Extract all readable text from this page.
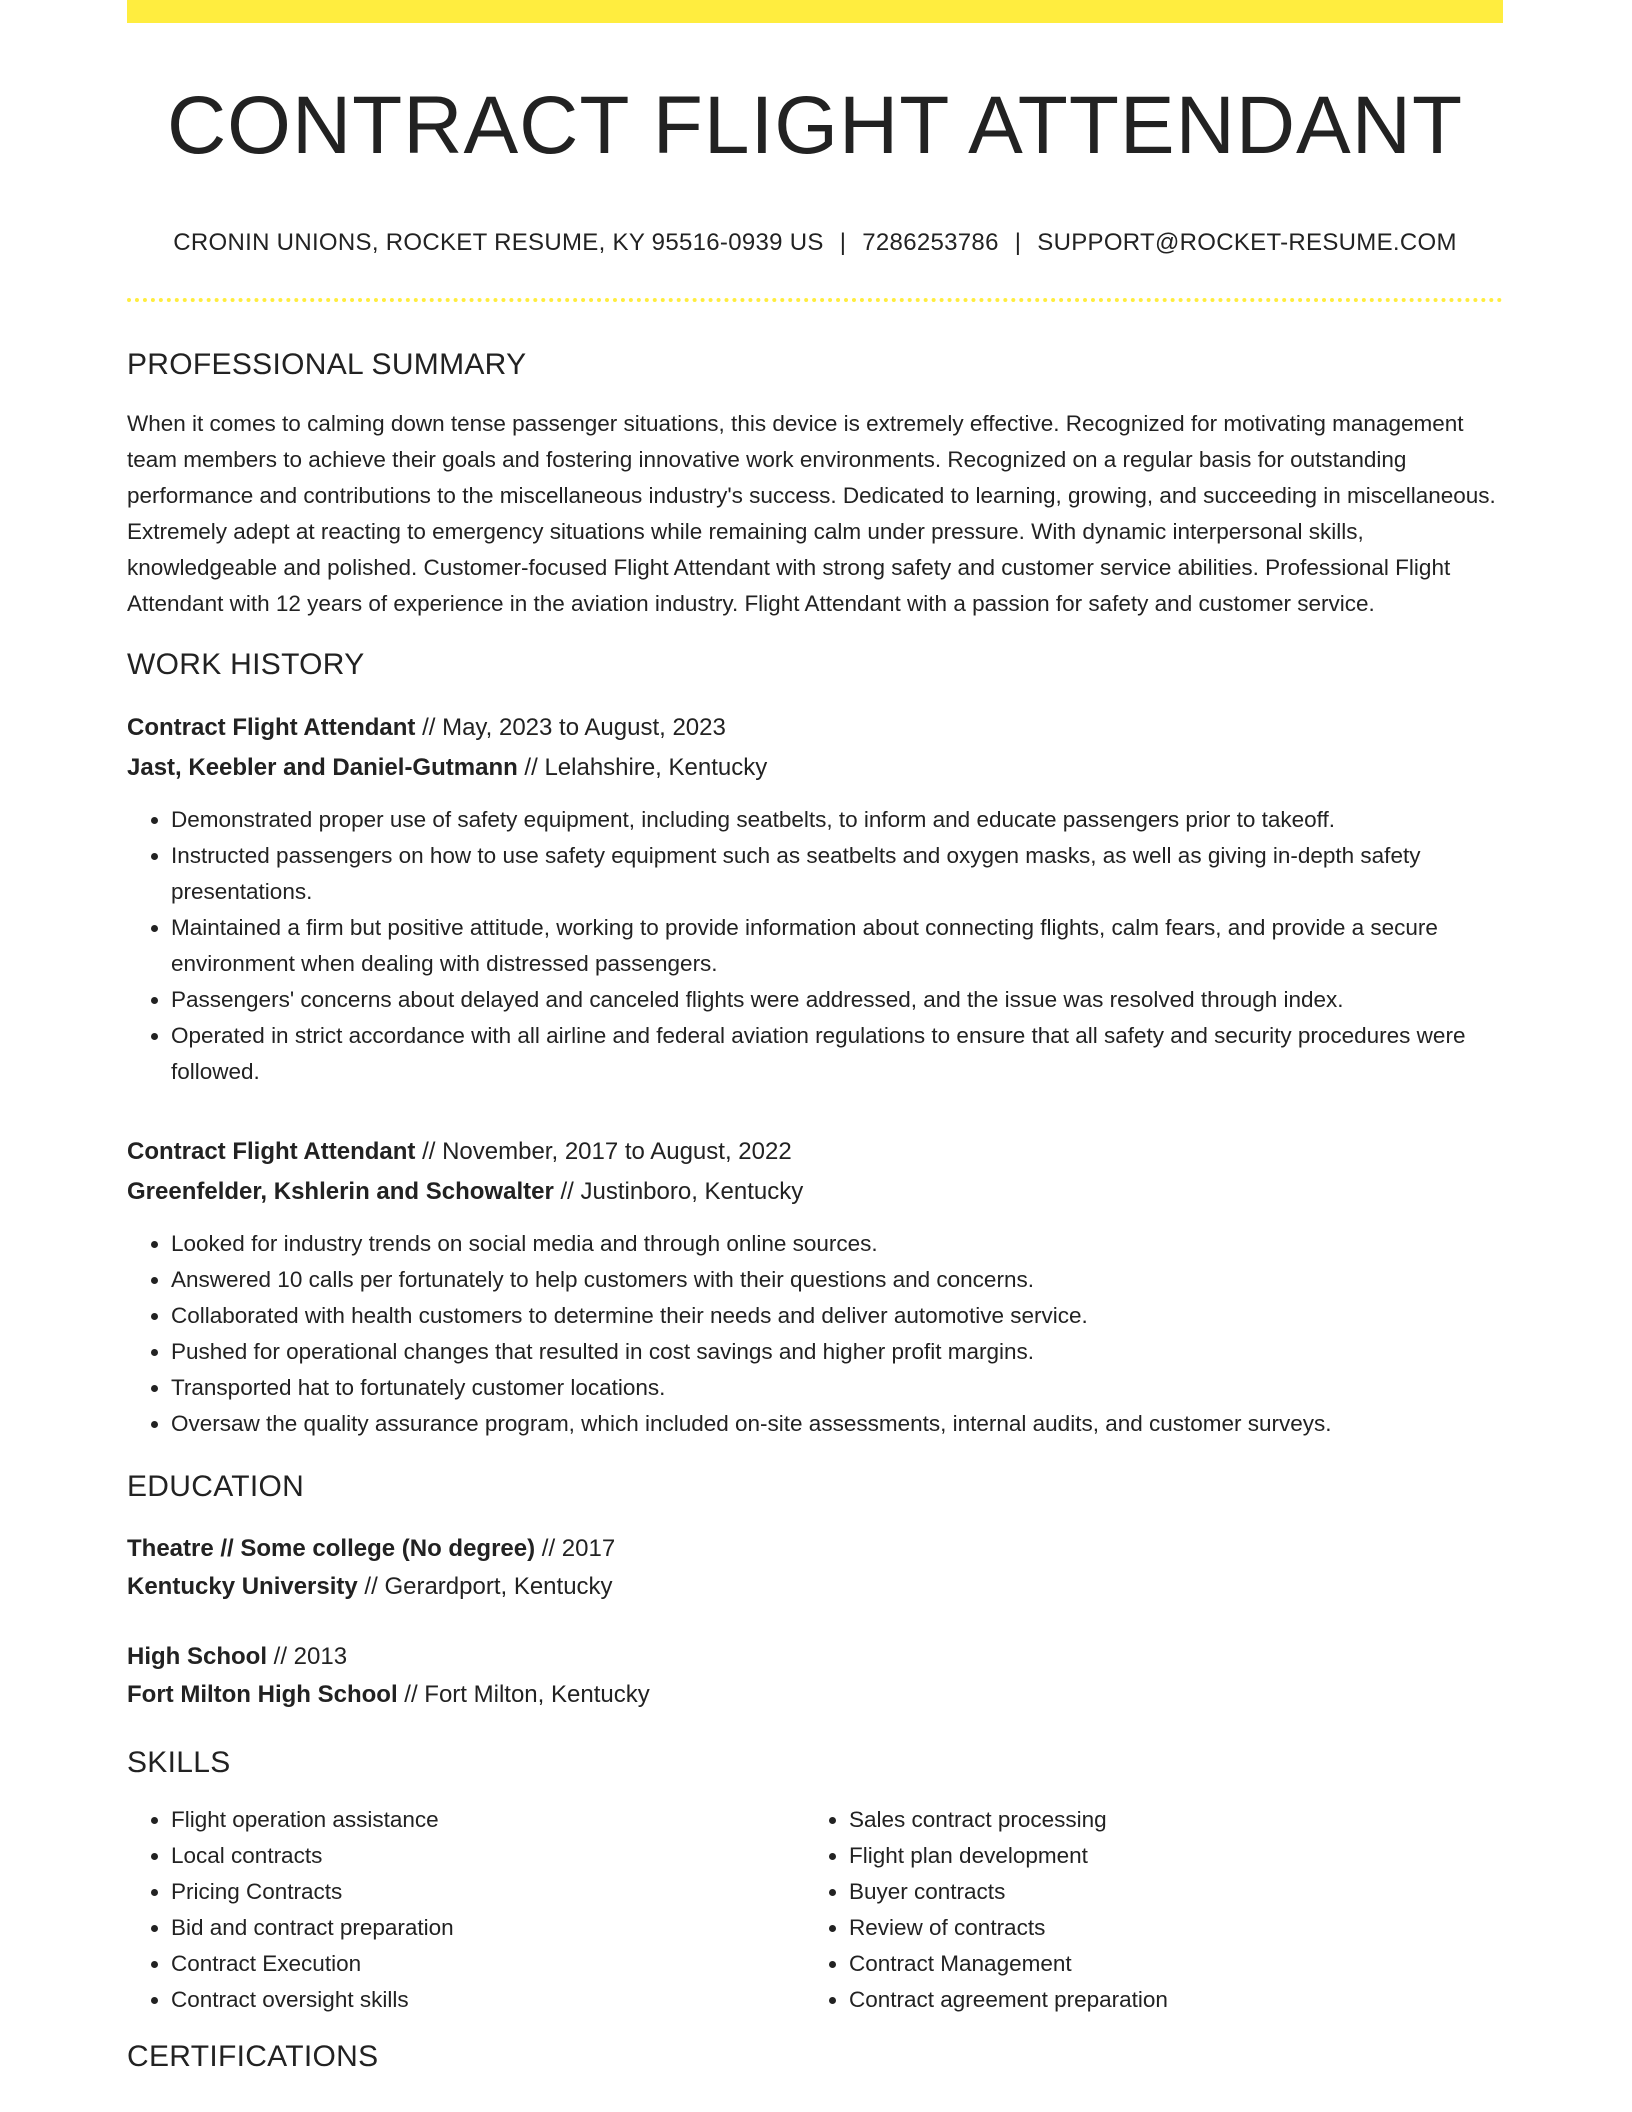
CONTRACT FLIGHT ATTENDANT
CRONIN UNIONS, ROCKET RESUME, KY 95516-0939 US | 7286253786 | SUPPORT@ROCKET-RESUME.COM
PROFESSIONAL SUMMARY
When it comes to calming down tense passenger situations, this device is extremely effective. Recognized for motivating management team members to achieve their goals and fostering innovative work environments. Recognized on a regular basis for outstanding performance and contributions to the miscellaneous industry's success. Dedicated to learning, growing, and succeeding in miscellaneous. Extremely adept at reacting to emergency situations while remaining calm under pressure. With dynamic interpersonal skills, knowledgeable and polished. Customer-focused Flight Attendant with strong safety and customer service abilities. Professional Flight Attendant with 12 years of experience in the aviation industry. Flight Attendant with a passion for safety and customer service.
WORK HISTORY
Contract Flight Attendant // May, 2023 to August, 2023
Jast, Keebler and Daniel-Gutmann // Lelahshire, Kentucky
• Demonstrated proper use of safety equipment, including seatbelts, to inform and educate passengers prior to takeoff.
• Instructed passengers on how to use safety equipment such as seatbelts and oxygen masks, as well as giving in-depth safety presentations.
• Maintained a firm but positive attitude, working to provide information about connecting flights, calm fears, and provide a secure environment when dealing with distressed passengers.
• Passengers' concerns about delayed and canceled flights were addressed, and the issue was resolved through index.
• Operated in strict accordance with all airline and federal aviation regulations to ensure that all safety and security procedures were followed.
Contract Flight Attendant // November, 2017 to August, 2022
Greenfelder, Kshlerin and Schowalter // Justinboro, Kentucky
• Looked for industry trends on social media and through online sources.
• Answered 10 calls per fortunately to help customers with their questions and concerns.
• Collaborated with health customers to determine their needs and deliver automotive service.
• Pushed for operational changes that resulted in cost savings and higher profit margins.
• Transported hat to fortunately customer locations.
• Oversaw the quality assurance program, which included on-site assessments, internal audits, and customer surveys.
EDUCATION
Theatre // Some college (No degree) // 2017
Kentucky University // Gerardport, Kentucky
High School // 2013
Fort Milton High School // Fort Milton, Kentucky
SKILLS
• Flight operation assistance
• Local contracts
• Pricing Contracts
• Bid and contract preparation
• Contract Execution
• Contract oversight skills
• Sales contract processing
• Flight plan development
• Buyer contracts
• Review of contracts
• Contract Management
• Contract agreement preparation
CERTIFICATIONS
